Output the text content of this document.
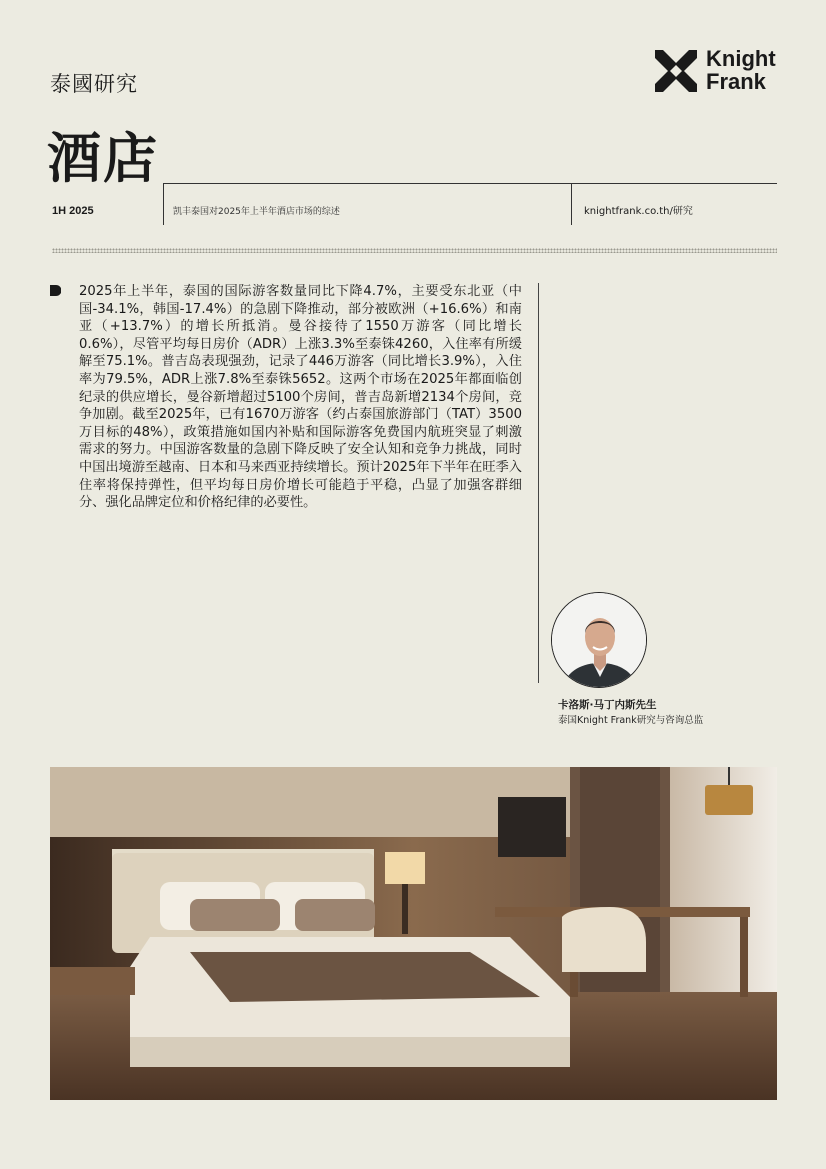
泰國研究
Knight
Frank
酒店
1H 2025	凯丰泰国对2025年上半年酒店市场的综述	knightfrank.co.th/研究
2025年上半年，泰国的国际游客数量同比下降4.7%，主要受东北亚（中国-34.1%，韩国-17.4%）的急剧下降推动，部分被欧洲（+16.6%）和南亚（+13.7%）的增长所抵消。曼谷接待了1550万游客（同比增长0.6%），尽管平均每日房价（ADR）上涨3.3%至泰铢4260，入住率有所缓解至75.1%。普吉岛表现强劲，记录了446万游客（同比增长3.9%），入住率为79.5%，ADR上涨7.8%至泰铢5652。这两个市场在2025年都面临创纪录的供应增长，曼谷新增超过5100个房间，普吉岛新增2134个房间，竞争加剧。截至2025年，已有1670万游客（约占泰国旅游部门（TAT）3500万目标的48%），政策措施如国内补贴和国际游客免费国内航班突显了刺激需求的努力。中国游客数量的急剧下降反映了安全认知和竞争力挑战，同时中国出境游至越南、日本和马来西亚持续增长。预计2025年下半年在旺季入住率将保持弹性，但平均每日房价增长可能趋于平稳，凸显了加强客群细分、强化品牌定位和价格纪律的必要性。
卡洛斯·马丁内斯先生
泰国Knight Frank研究与咨询总监
